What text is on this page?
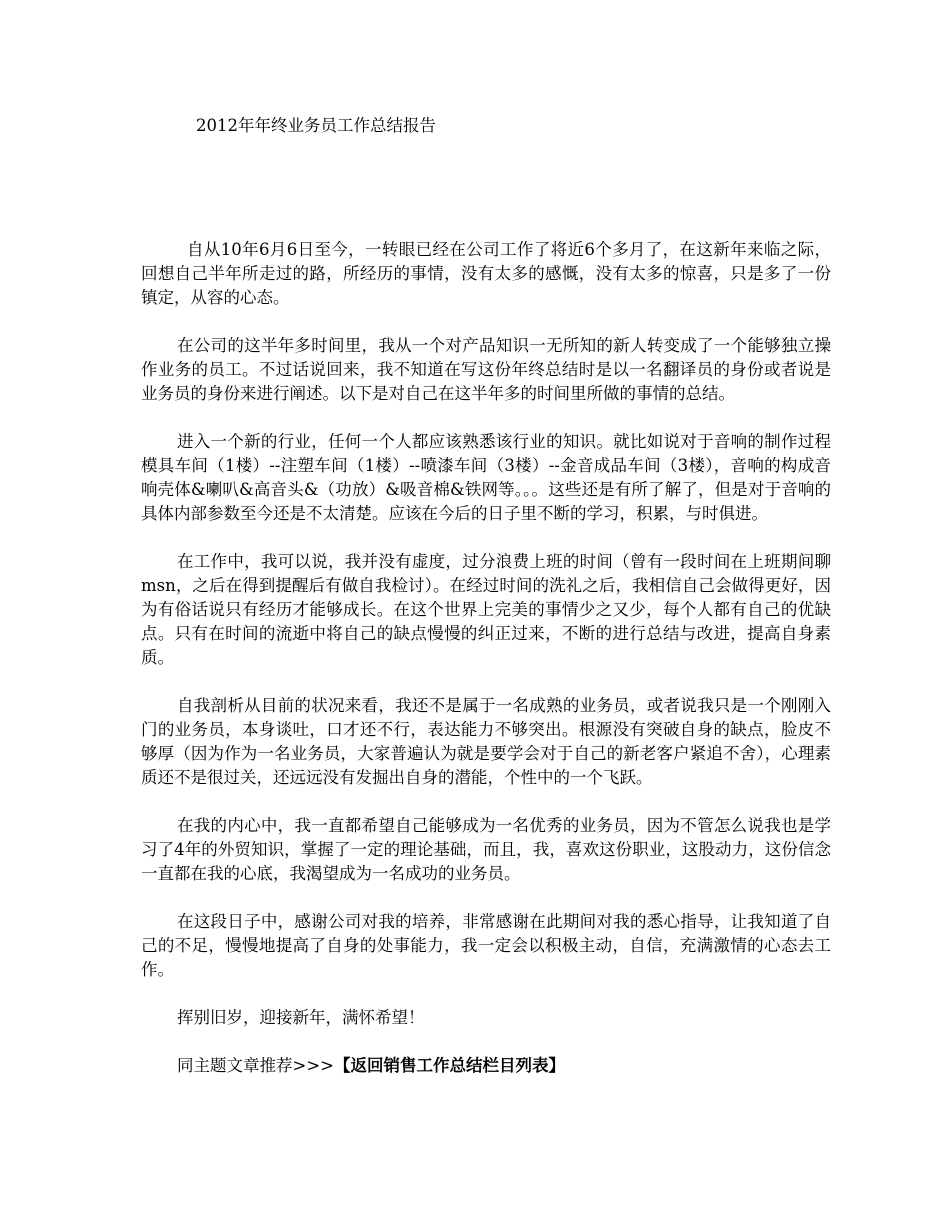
2012年年终业务员工作总结报告

自从10年6月6日至今，一转眼已经在公司工作了将近6个多月了，在这新年来临之际，回想自己半年所走过的路，所经历的事情，没有太多的感慨，没有太多的惊喜，只是多了一份镇定，从容的心态。

在公司的这半年多时间里，我从一个对产品知识一无所知的新人转变成了一个能够独立操作业务的员工。不过话说回来，我不知道在写这份年终总结时是以一名翻译员的身份或者说是业务员的身份来进行阐述。以下是对自己在这半年多的时间里所做的事情的总结。

进入一个新的行业，任何一个人都应该熟悉该行业的知识。就比如说对于音响的制作过程模具车间（1楼）--注塑车间（1楼）--喷漆车间（3楼）--金音成品车间（3楼），音响的构成音响壳体&喇叭&高音头&（功放）&吸音棉&铁网等。。。这些还是有所了解了，但是对于音响的具体内部参数至今还是不太清楚。应该在今后的日子里不断的学习，积累，与时俱进。

在工作中，我可以说，我并没有虚度，过分浪费上班的时间（曾有一段时间在上班期间聊msn，之后在得到提醒后有做自我检讨）。在经过时间的洗礼之后，我相信自己会做得更好，因为有俗话说只有经历才能够成长。在这个世界上完美的事情少之又少，每个人都有自己的优缺点。只有在时间的流逝中将自己的缺点慢慢的纠正过来，不断的进行总结与改进，提高自身素质。

自我剖析从目前的状况来看，我还不是属于一名成熟的业务员，或者说我只是一个刚刚入门的业务员，本身谈吐，口才还不行，表达能力不够突出。根源没有突破自身的缺点，脸皮不够厚（因为作为一名业务员，大家普遍认为就是要学会对于自己的新老客户紧追不舍），心理素质还不是很过关，还远远没有发掘出自身的潜能，个性中的一个飞跃。

在我的内心中，我一直都希望自己能够成为一名优秀的业务员，因为不管怎么说我也是学习了4年的外贸知识，掌握了一定的理论基础，而且，我，喜欢这份职业，这股动力，这份信念一直都在我的心底，我渴望成为一名成功的业务员。

在这段日子中，感谢公司对我的培养，非常感谢在此期间对我的悉心指导，让我知道了自己的不足，慢慢地提高了自身的处事能力，我一定会以积极主动，自信，充满激情的心态去工作。

挥别旧岁，迎接新年，满怀希望！

同主题文章推荐>>>【返回销售工作总结栏目列表】
